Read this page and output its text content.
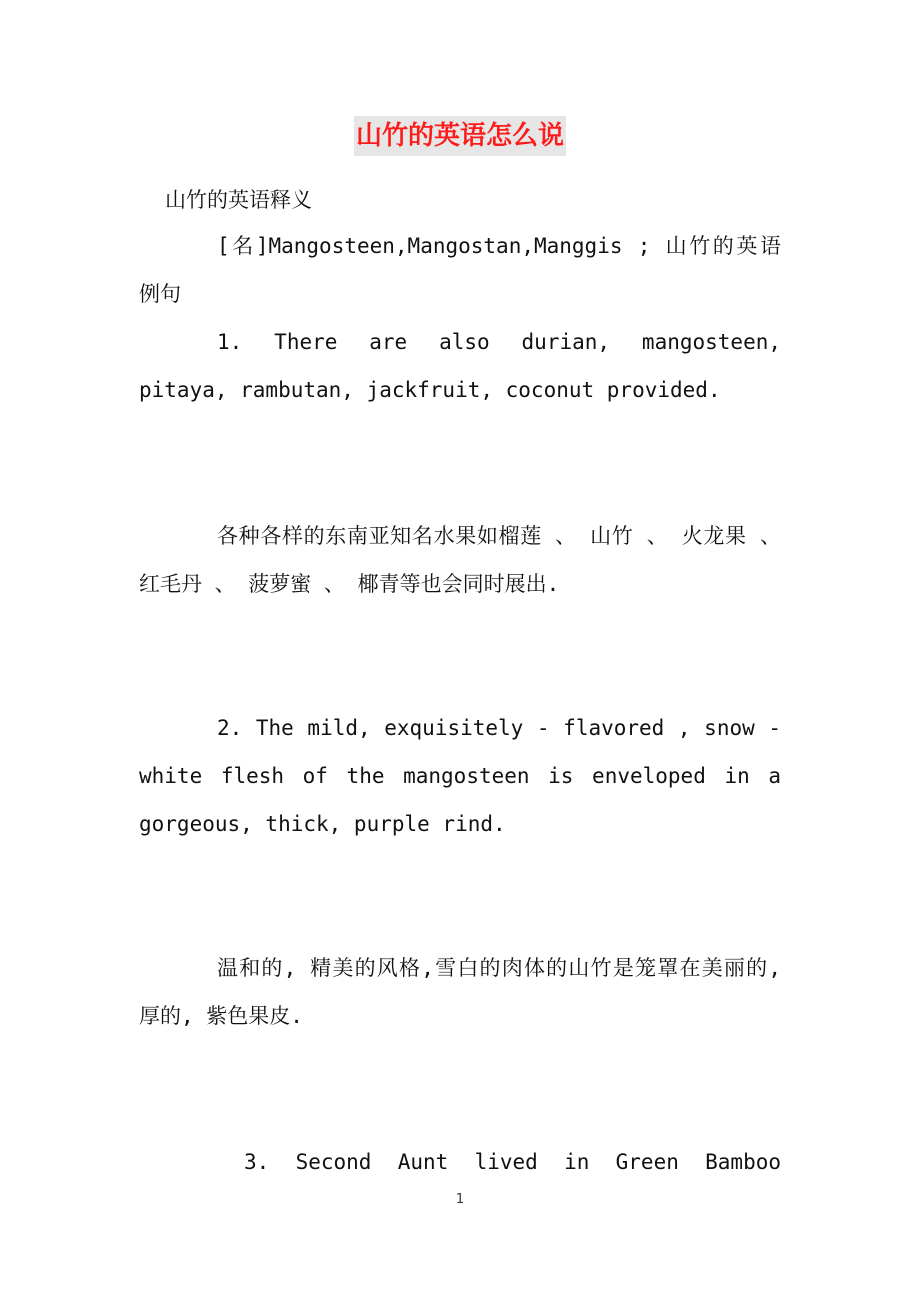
山竹的英语怎么说

山竹的英语释义

[名]Mangosteen,Mangostan,Manggis ; 山竹的英语例句

1. There are also durian, mangosteen, pitaya, rambutan, jackfruit, coconut provided.

各种各样的东南亚知名水果如榴莲 、 山竹 、 火龙果 、 红毛丹 、 菠萝蜜 、 椰青等也会同时展出.

2. The mild, exquisitely - flavored , snow - white flesh of the mangosteen is enveloped in a gorgeous, thick, purple rind.

温和的, 精美的风格,雪白的肉体的山竹是笼罩在美丽的, 厚的, 紫色果皮.

3. Second Aunt lived in Green Bamboo

1
